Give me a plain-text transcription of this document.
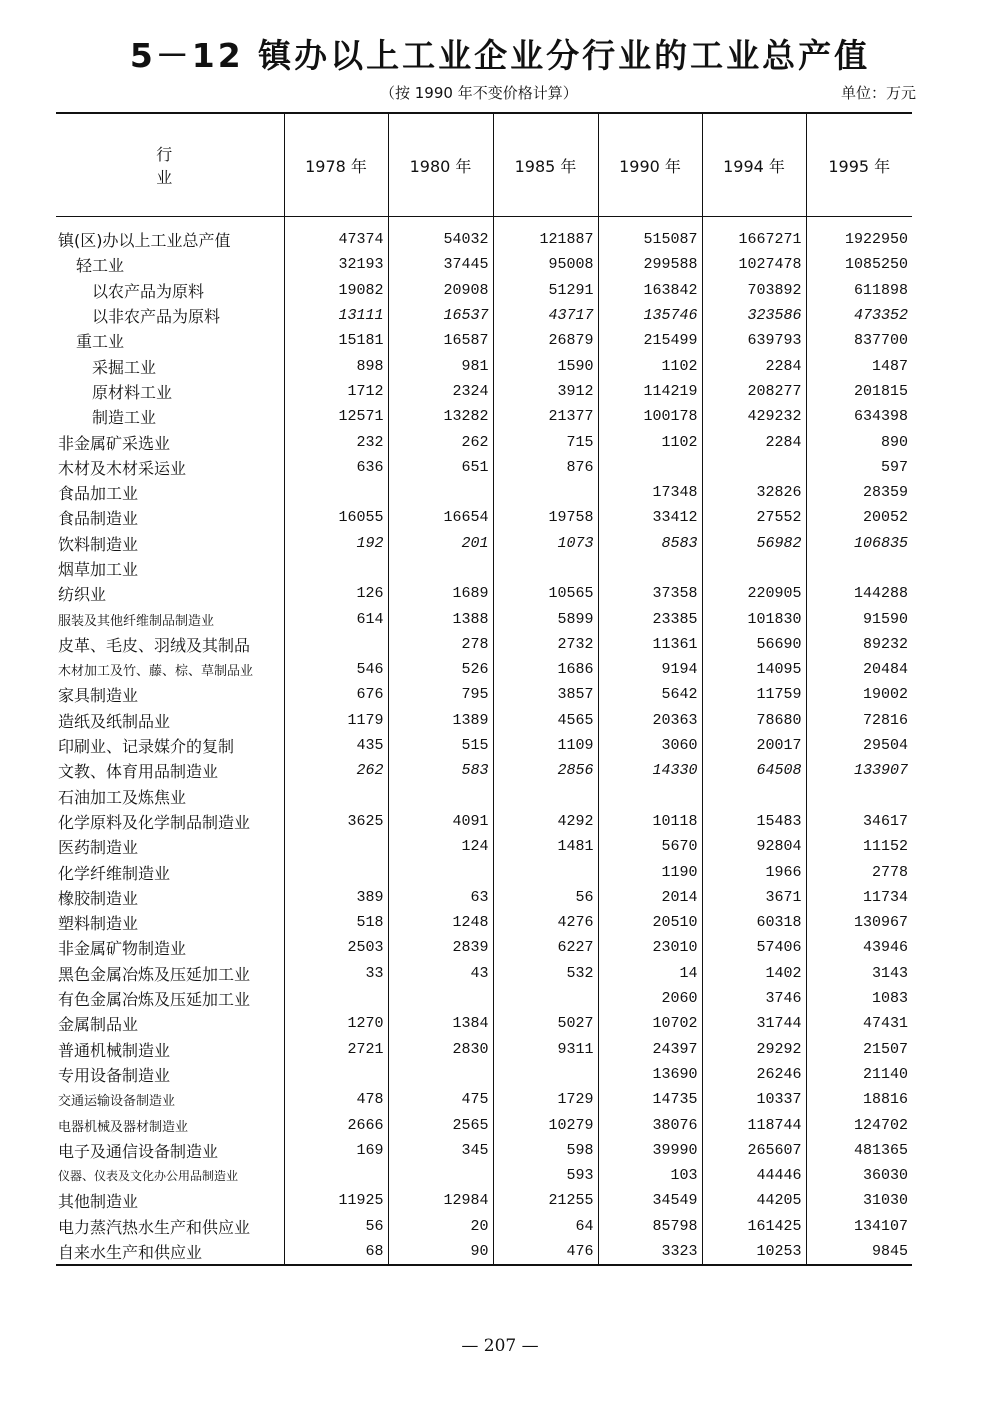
5－12 镇办以上工业企业分行业的工业总产值
（按 1990 年不变价格计算）	单位：万元
行　业	1978 年	1980 年	1985 年	1990 年	1994 年	1995 年
镇(区)办以上工业总产值	47374	54032	121887	515087	1667271	1922950
轻工业	32193	37445	95008	299588	1027478	1085250
以农产品为原料	19082	20908	51291	163842	703892	611898
以非农产品为原料	13111	16537	43717	135746	323586	473352
重工业	15181	16587	26879	215499	639793	837700
采掘工业	898	981	1590	1102	2284	1487
原材料工业	1712	2324	3912	114219	208277	201815
制造工业	12571	13282	21377	100178	429232	634398
非金属矿采选业	232	262	715	1102	2284	890
木材及木材采运业	636	651	876			597
食品加工业				17348	32826	28359
食品制造业	16055	16654	19758	33412	27552	20052
饮料制造业	192	201	1073	8583	56982	106835
烟草加工业						
纺织业	126	1689	10565	37358	220905	144288
服装及其他纤维制品制造业	614	1388	5899	23385	101830	91590
皮革、毛皮、羽绒及其制品		278	2732	11361	56690	89232
木材加工及竹、藤、棕、草制品业	546	526	1686	9194	14095	20484
家具制造业	676	795	3857	5642	11759	19002
造纸及纸制品业	1179	1389	4565	20363	78680	72816
印刷业、记录媒介的复制	435	515	1109	3060	20017	29504
文教、体育用品制造业	262	583	2856	14330	64508	133907
石油加工及炼焦业						
化学原料及化学制品制造业	3625	4091	4292	10118	15483	34617
医药制造业		124	1481	5670	92804	11152
化学纤维制造业				1190	1966	2778
橡胶制造业	389	63	56	2014	3671	11734
塑料制造业	518	1248	4276	20510	60318	130967
非金属矿物制造业	2503	2839	6227	23010	57406	43946
黑色金属冶炼及压延加工业	33	43	532	14	1402	3143
有色金属冶炼及压延加工业				2060	3746	1083
金属制品业	1270	1384	5027	10702	31744	47431
普通机械制造业	2721	2830	9311	24397	29292	21507
专用设备制造业				13690	26246	21140
交通运输设备制造业	478	475	1729	14735	10337	18816
电器机械及器材制造业	2666	2565	10279	38076	118744	124702
电子及通信设备制造业	169	345	598	39990	265607	481365
仪器、仪表及文化办公用品制造业			593	103	44446	36030
其他制造业	11925	12984	21255	34549	44205	31030
电力蒸汽热水生产和供应业	56	20	64	85798	161425	134107
自来水生产和供应业	68	90	476	3323	10253	9845
— 207 —
